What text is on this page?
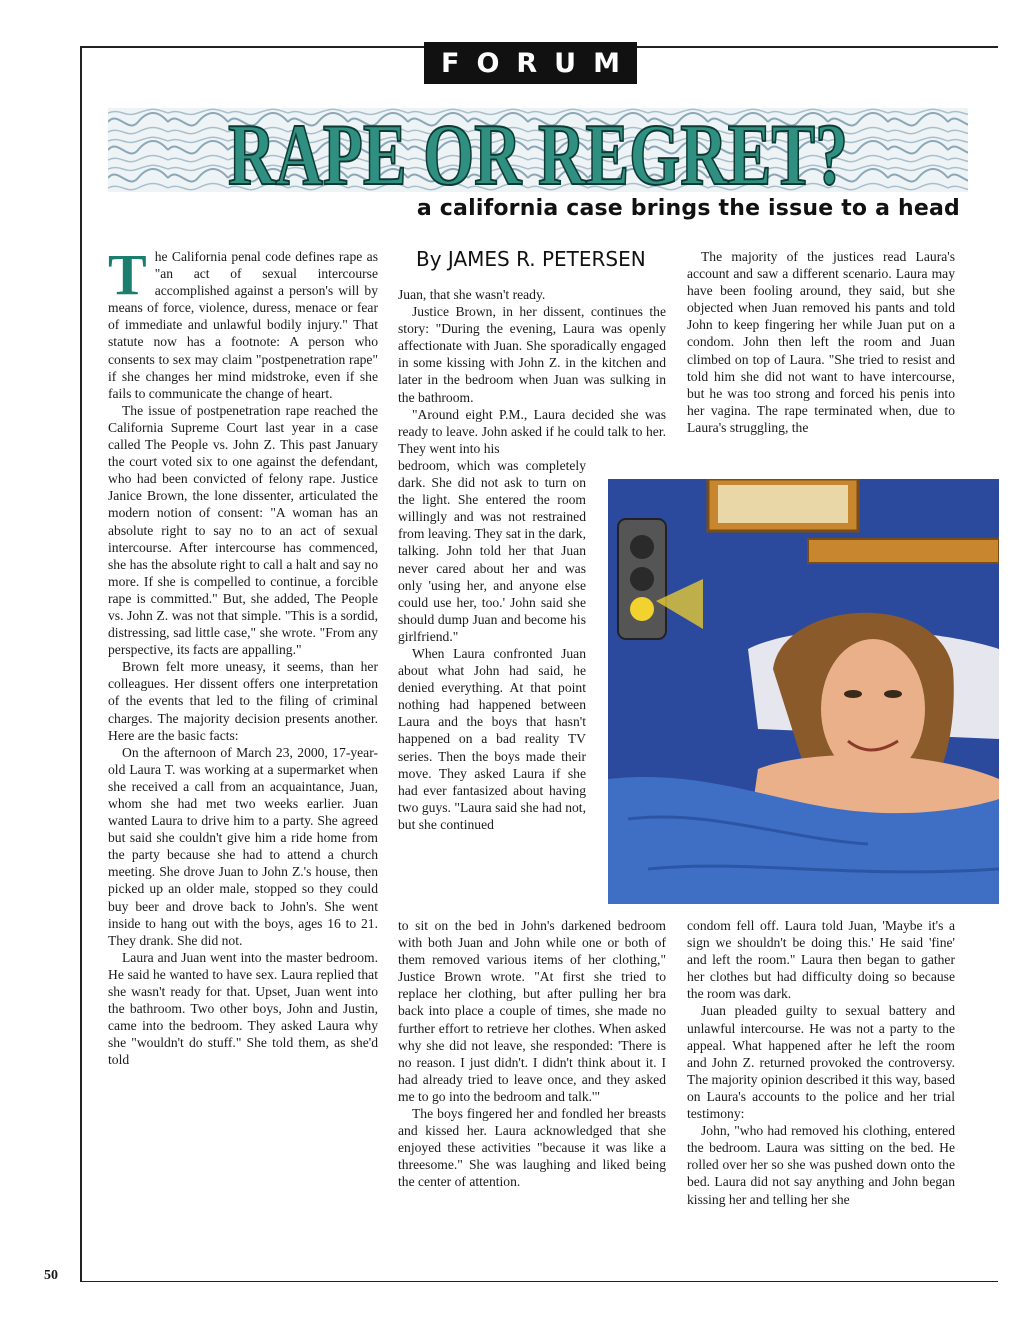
FORUM
RAPE OR REGRET?
a california case brings the issue to a head
By JAMES R. PETERSEN

The California penal code defines rape as "an act of sexual intercourse accomplished against a person's will by means of force, violence, duress, menace or fear of immediate and unlawful bodily injury." That statute now has a footnote: A person who consents to sex may claim "postpenetration rape" if she changes her mind midstroke, even if she fails to communicate the change of heart.

The issue of postpenetration rape reached the California Supreme Court last year in a case called The People vs. John Z. This past January the court voted six to one against the defendant, who had been convicted of felony rape. Justice Janice Brown, the lone dissenter, articulated the modern notion of consent: "A woman has an absolute right to say no to an act of sexual intercourse. After intercourse has commenced, she has the absolute right to call a halt and say no more. If she is compelled to continue, a forcible rape is committed." But, she added, The People vs. John Z. was not that simple. "This is a sordid, distressing, sad little case," she wrote. "From any perspective, its facts are appalling."

Brown felt more uneasy, it seems, than her colleagues. Her dissent offers one interpretation of the events that led to the filing of criminal charges. The majority decision presents another. Here are the basic facts:

On the afternoon of March 23, 2000, 17-year-old Laura T. was working at a supermarket when she received a call from an acquaintance, Juan, whom she had met two weeks earlier. Juan wanted Laura to drive him to a party. She agreed but said she couldn't give him a ride home from the party because she had to attend a church meeting. She drove Juan to John Z.'s house, then picked up an older male, stopped so they could buy beer and drove back to John's. She went inside to hang out with the boys, ages 16 to 21. They drank. She did not.

Laura and Juan went into the master bedroom. He said he wanted to have sex. Laura replied that she wasn't ready for that. Upset, Juan went into the bathroom. Two other boys, John and Justin, came into the bedroom. They asked Laura why she "wouldn't do stuff." She told them, as she'd told

Juan, that she wasn't ready.

Justice Brown, in her dissent, continues the story: "During the evening, Laura was openly affectionate with Juan. She sporadically engaged in some kissing with John Z. in the kitchen and later in the bedroom when Juan was sulking in the bathroom.

"Around eight P.M., Laura decided she was ready to leave. John asked if he could talk to her. They went into his

bedroom, which was completely dark. She did not ask to turn on the light. She entered the room willingly and was not restrained from leaving. They sat in the dark, talking. John told her that Juan never cared about her and was only 'using her, and anyone else could use her, too.' John said she should dump Juan and become his girlfriend."

When Laura confronted Juan about what John had said, he denied everything. At that point nothing had happened between Laura and the boys that hasn't happened on a bad reality TV series. Then the boys made their move. They asked Laura if she had ever fantasized about having two guys. "Laura said she had not, but she continued

to sit on the bed in John's darkened bedroom with both Juan and John while one or both of them removed various items of her clothing," Justice Brown wrote. "At first she tried to replace her clothing, but after pulling her bra back into place a couple of times, she made no further effort to retrieve her clothes. When asked why she did not leave, she responded: 'There is no reason. I just didn't. I didn't think about it. I had already tried to leave once, and they asked me to go into the bedroom and talk.'"

The boys fingered her and fondled her breasts and kissed her. Laura acknowledged that she enjoyed these activities "because it was like a threesome." She was laughing and liked being the center of attention.

The majority of the justices read Laura's account and saw a different scenario. Laura may have been fooling around, they said, but she objected when Juan removed his pants and told John to keep fingering her while Juan put on a condom. John then left the room and Juan climbed on top of Laura. "She tried to resist and told him she did not want to have intercourse, but he was too strong and forced his penis into her vagina. The rape terminated when, due to Laura's struggling, the

condom fell off. Laura told Juan, 'Maybe it's a sign we shouldn't be doing this.' He said 'fine' and left the room." Laura then began to gather her clothes but had difficulty doing so because the room was dark.

Juan pleaded guilty to sexual battery and unlawful intercourse. He was not a party to the appeal. What happened after he left the room and John Z. returned provoked the controversy. The majority opinion described it this way, based on Laura's accounts to the police and her trial testimony:

John, "who had removed his clothing, entered the bedroom. Laura was sitting on the bed. He rolled over her so she was pushed down onto the bed. Laura did not say anything and John began kissing her and telling her she

50
